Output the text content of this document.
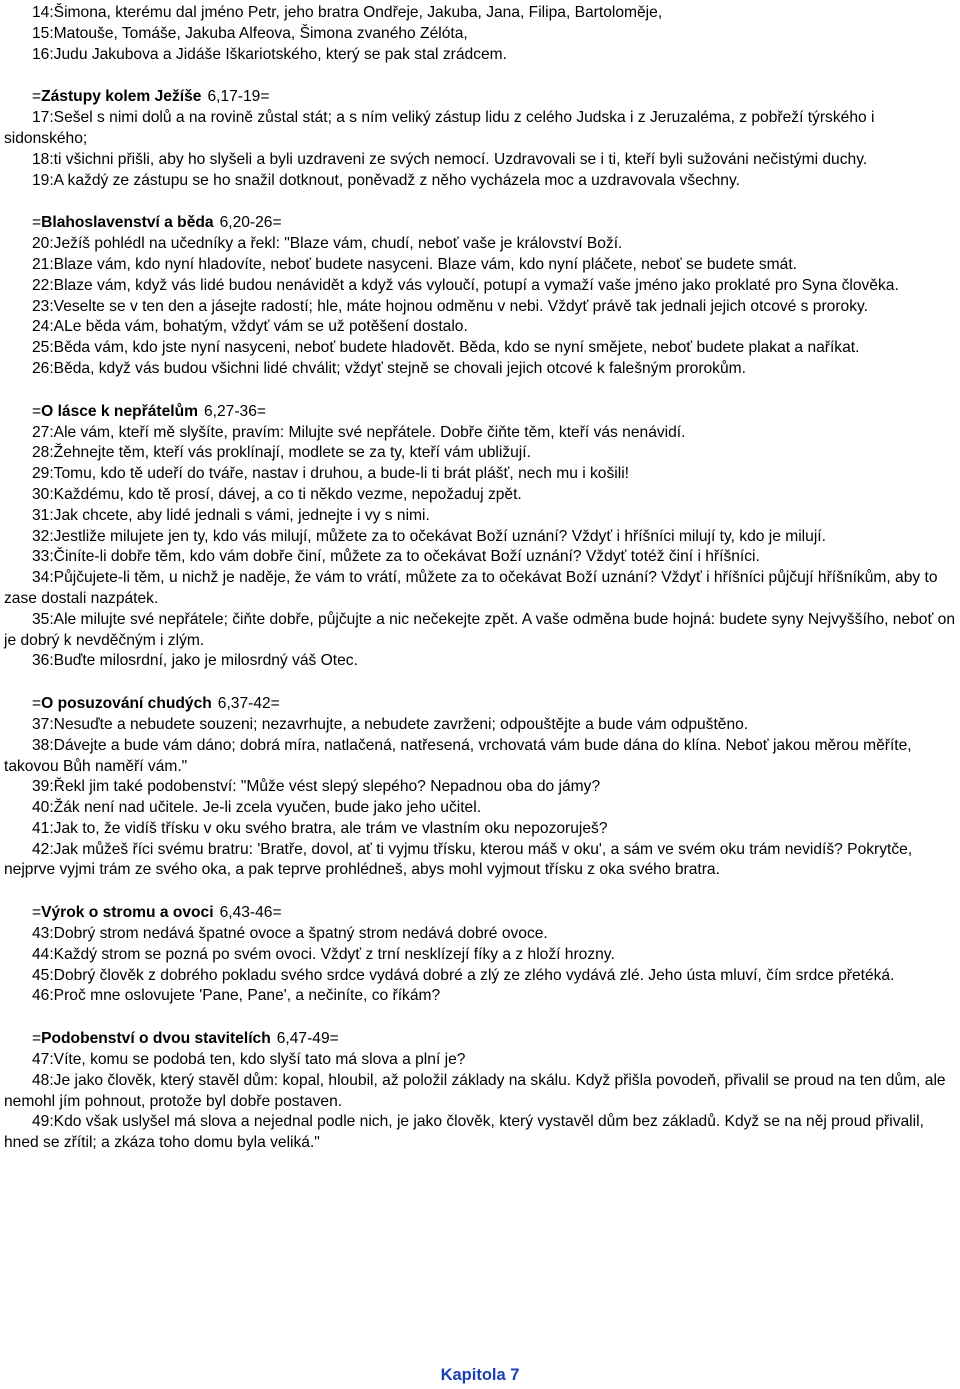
14:Šimona, kterému dal jméno Petr, jeho bratra Ondřeje, Jakuba, Jana, Filipa, Bartoloměje,

15:Matouše, Tomáše, Jakuba Alfeova, Šimona zvaného Zélóta,

16:Judu Jakubova a Jidáše Iškariotského, který se pak stal zrádcem.

=Zástupy kolem Ježíše 6,17-19=

17:Sešel s nimi dolů a na rovině zůstal stát; a s ním veliký zástup lidu z celého Judska i z Jeruzaléma, z pobřeží týrského i sidonského;

18:ti všichni přišli, aby ho slyšeli a byli uzdraveni ze svých nemocí. Uzdravovali se i ti, kteří byli sužováni nečistými duchy.

19:A každý ze zástupu se ho snažil dotknout, poněvadž z něho vycházela moc a uzdravovala všechny.

=Blahoslavenství a běda 6,20-26=

20:Ježíš pohlédl na učedníky a řekl: "Blaze vám, chudí, neboť vaše je království Boží.

21:Blaze vám, kdo nyní hladovíte, neboť budete nasyceni. Blaze vám, kdo nyní pláčete, neboť se budete smát.

22:Blaze vám, když vás lidé budou nenávidět a když vás vyloučí, potupí a vymaží vaše jméno jako proklaté pro Syna člověka.

23:Veselte se v ten den a jásejte radostí; hle, máte hojnou odměnu v nebi. Vždyť právě tak jednali jejich otcové s proroky.

24:ALe běda vám, bohatým, vždyť vám se už potěšení dostalo.

25:Běda vám, kdo jste nyní nasyceni, neboť budete hladovět. Běda, kdo se nyní smějete, neboť budete plakat a naříkat.

26:Běda, když vás budou všichni lidé chválit; vždyť stejně se chovali jejich otcové k falešným prorokům.

=O lásce k nepřátelům 6,27-36=

27:Ale vám, kteří mě slyšíte, pravím: Milujte své nepřátele. Dobře čiňte těm, kteří vás nenávidí.

28:Žehnejte těm, kteří vás proklínají, modlete se za ty, kteří vám ubližují.

29:Tomu, kdo tě udeří do tváře, nastav i druhou, a bude-li ti brát plášť, nech mu i košili!

30:Každému, kdo tě prosí, dávej, a co ti někdo vezme, nepožaduj zpět.

31:Jak chcete, aby lidé jednali s vámi, jednejte i vy s nimi.

32:Jestliže milujete jen ty, kdo vás milují, můžete za to očekávat Boží uznání? Vždyť i hříšníci milují ty, kdo je milují.

33:Činíte-li dobře těm, kdo vám dobře činí, můžete za to očekávat Boží uznání? Vždyť totéž činí i hříšníci.

34:Půjčujete-li těm, u nichž je naděje, že vám to vrátí, můžete za to očekávat Boží uznání? Vždyť i hříšníci půjčují hříšníkům, aby to zase dostali nazpátek.

35:Ale milujte své nepřátele; čiňte dobře, půjčujte a nic nečekejte zpět. A vaše odměna bude hojná: budete syny Nejvyššího, neboť on je dobrý k nevděčným i zlým.

36:Buďte milosrdní, jako je milosrdný váš Otec.

=O posuzování chudých 6,37-42=

37:Nesuďte a nebudete souzeni; nezavrhujte, a nebudete zavrženi; odpouštějte a bude vám odpuštěno.

38:Dávejte a bude vám dáno; dobrá míra, natlačená, natřesená, vrchovatá vám bude dána do klína. Neboť jakou měrou měříte, takovou Bůh naměří vám."

39:Řekl jim také podobenství: "Může vést slepý slepého? Nepadnou oba do jámy?

40:Žák není nad učitele. Je-li zcela vyučen, bude jako jeho učitel.

41:Jak to, že vidíš třísku v oku svého bratra, ale trám ve vlastním oku nepozoruješ?

42:Jak můžeš říci svému bratru: 'Bratře, dovol, ať ti vyjmu třísku, kterou máš v oku', a sám ve svém oku trám nevidíš? Pokrytče, nejprve vyjmi trám ze svého oka, a pak teprve prohlédneš, abys mohl vyjmout třísku z oka svého bratra.

=Výrok o stromu a ovoci 6,43-46=

43:Dobrý strom nedává špatné ovoce a špatný strom nedává dobré ovoce.

44:Každý strom se pozná po svém ovoci. Vždyť z trní nesklízejí fíky a z hloží hrozny.

45:Dobrý člověk z dobrého pokladu svého srdce vydává dobré a zlý ze zlého vydává zlé. Jeho ústa mluví, čím srdce přetéká.

46:Proč mne oslovujete 'Pane, Pane', a nečiníte, co říkám?

=Podobenství o dvou stavitelích 6,47-49=

47:Víte, komu se podobá ten, kdo slyší tato má slova a plní je?

48:Je jako člověk, který stavěl dům: kopal, hloubil, až položil základy na skálu. Když přišla povodeň, přivalil se proud na ten dům, ale nemohl jím pohnout, protože byl dobře postaven.

49:Kdo však uslyšel má slova a nejednal podle nich, je jako člověk, který vystavěl dům bez základů. Když se na něj proud přivalil, hned se zřítil; a zkáza toho domu byla veliká."

Kapitola 7
